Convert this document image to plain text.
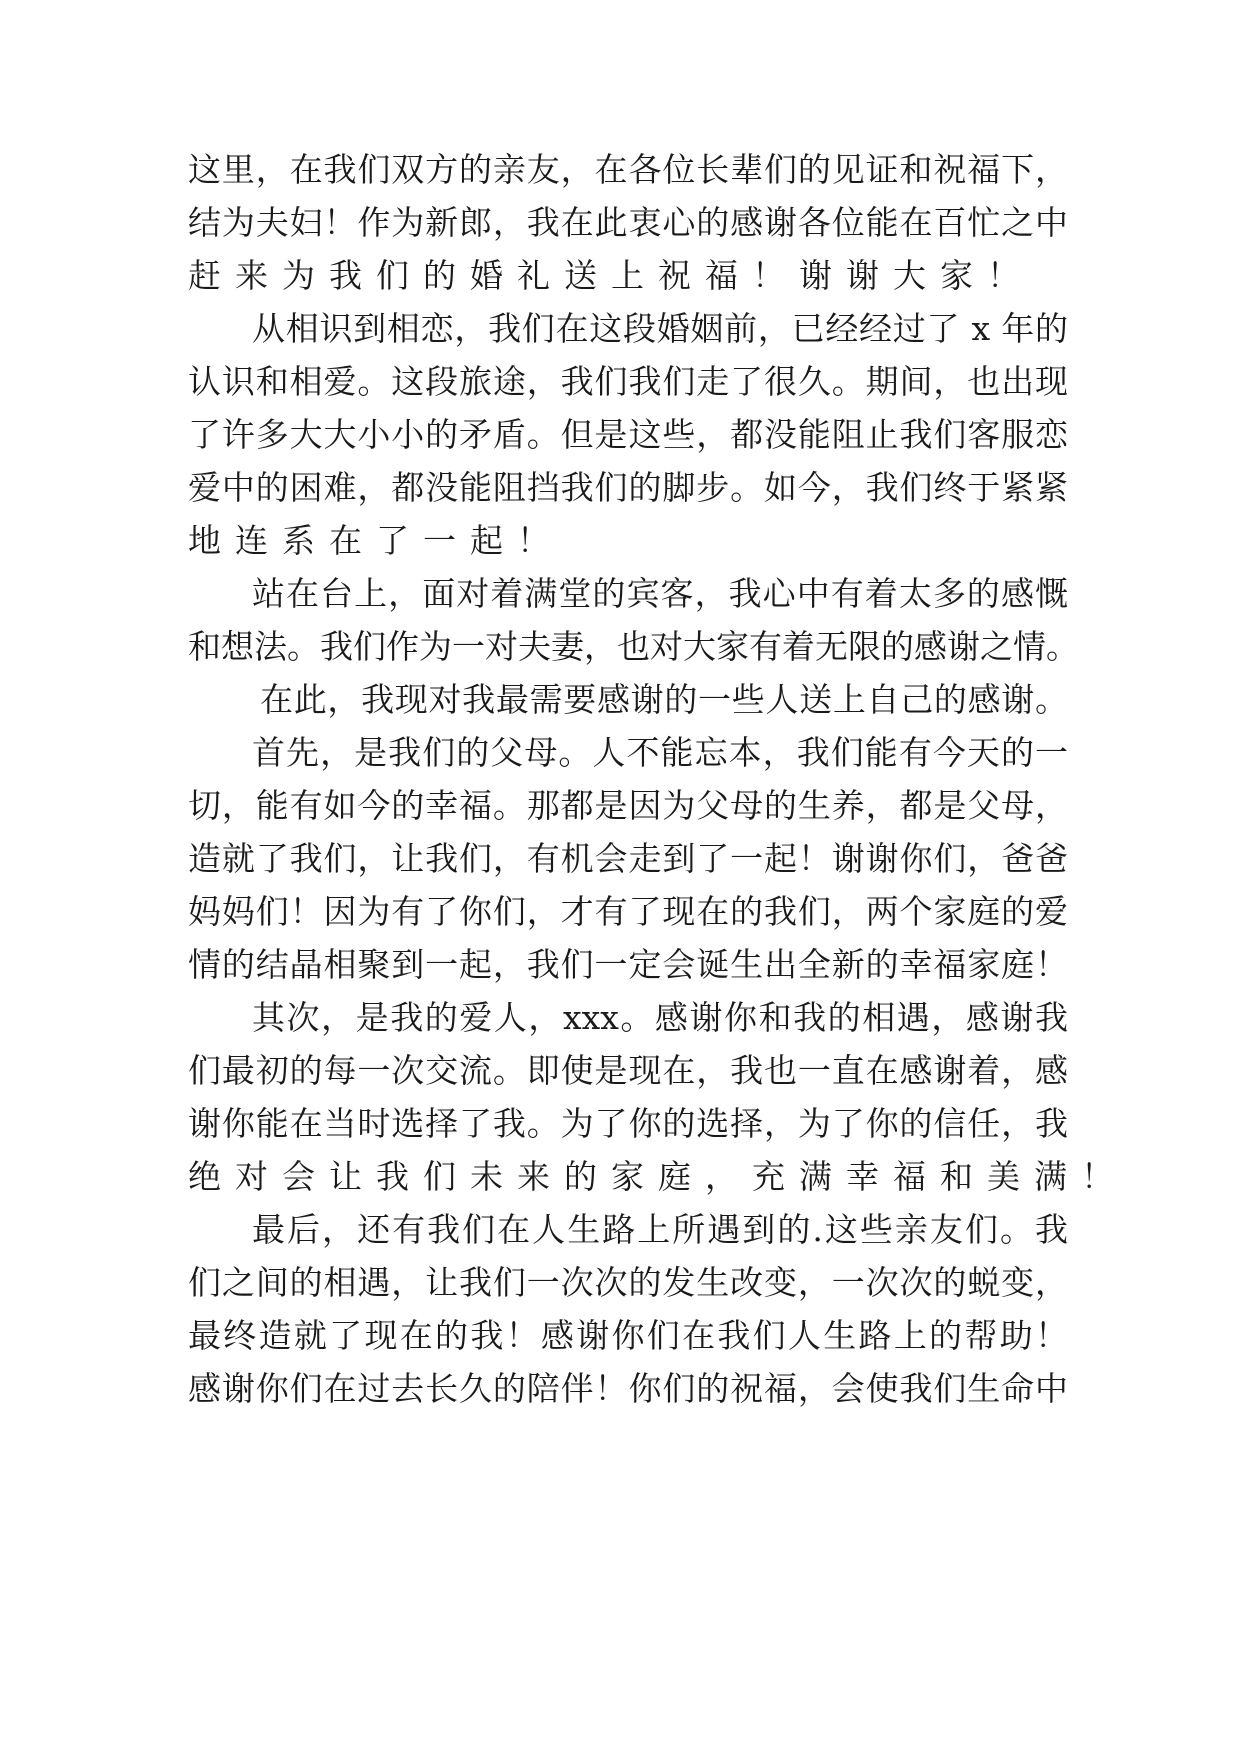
这里，在我们双方的亲友，在各位长辈们的见证和祝福下，
结为夫妇！作为新郎，我在此衷心的感谢各位能在百忙之中
赶来为我们的婚礼送上祝福！谢谢大家！
从相识到相恋，我们在这段婚姻前，已经经过了 x 年的
认识和相爱。这段旅途，我们我们走了很久。期间，也出现
了许多大大小小的矛盾。但是这些，都没能阻止我们客服恋
爱中的困难，都没能阻挡我们的脚步。如今，我们终于紧紧
地连系在了一起！
站在台上，面对着满堂的宾客，我心中有着太多的感慨
和想法。我们作为一对夫妻，也对大家有着无限的感谢之情。
在此，我现对我最需要感谢的一些人送上自己的感谢。
首先，是我们的父母。人不能忘本，我们能有今天的一
切，能有如今的幸福。那都是因为父母的生养，都是父母，
造就了我们，让我们，有机会走到了一起！谢谢你们，爸爸
妈妈们！因为有了你们，才有了现在的我们，两个家庭的爱
情的结晶相聚到一起，我们一定会诞生出全新的幸福家庭！
其次，是我的爱人，xxx。感谢你和我的相遇，感谢我
们最初的每一次交流。即使是现在，我也一直在感谢着，感
谢你能在当时选择了我。为了你的选择，为了你的信任，我
绝对会让我们未来的家庭，充满幸福和美满！
最后，还有我们在人生路上所遇到的.这些亲友们。我
们之间的相遇，让我们一次次的发生改变，一次次的蜕变，
最终造就了现在的我！感谢你们在我们人生路上的帮助！
感谢你们在过去长久的陪伴！你们的祝福，会使我们生命中
